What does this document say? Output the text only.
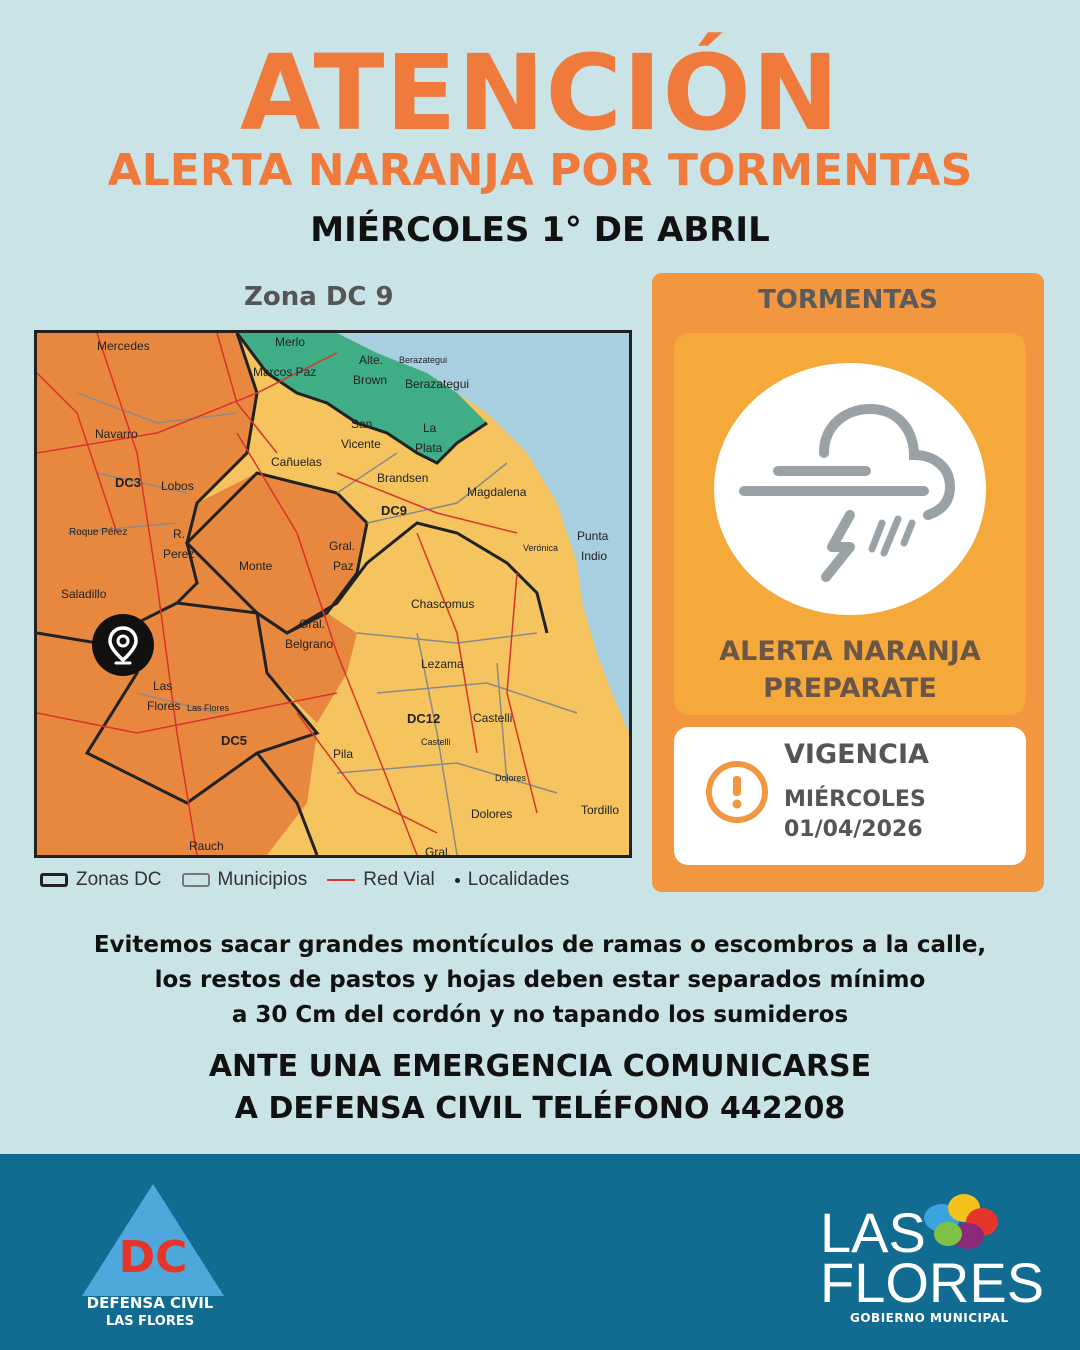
ATENCIÓN
ALERTA NARANJA POR TORMENTAS
MIÉRCOLES 1° DE ABRIL
Zona DC 9
Mercedes
Navarro
DC3 Lobos
Roque Pérez	R.
Perez
Saladillo
Merlo
Marcos Paz
Alte.
Brown
Berazategui
Berazategui
San
Vicente
La
Plata
Cañuelas
Brandsen
DC9
Magdalena
Punta
Indio
Verónica
Monte
Gral.
Paz
Chascomus
Gral.
Belgrano
Lezama
Las
Flores Las Flores
DC12	Castelli
Castelli
DC5
Pila
Dolores
Dolores	Tordillo
Rauch	Gral.
Zonas DC	Municipios	Red Vial Localidades
TORMENTAS
ALERTA NARANJA
PREPARATE
VIGENCIA
MIÉRCOLES
01/04/2026
Evitemos sacar grandes montículos de ramas o escombros a la calle,
los restos de pastos y hojas deben estar separados mínimo
a 30 Cm del cordón y no tapando los sumideros
ANTE UNA EMERGENCIA COMUNICARSE
A DEFENSA CIVIL TELÉFONO 442208
DC
DEFENSA CIVIL
LAS FLORES
LAS
FLORES
GOBIERNO MUNICIPAL
